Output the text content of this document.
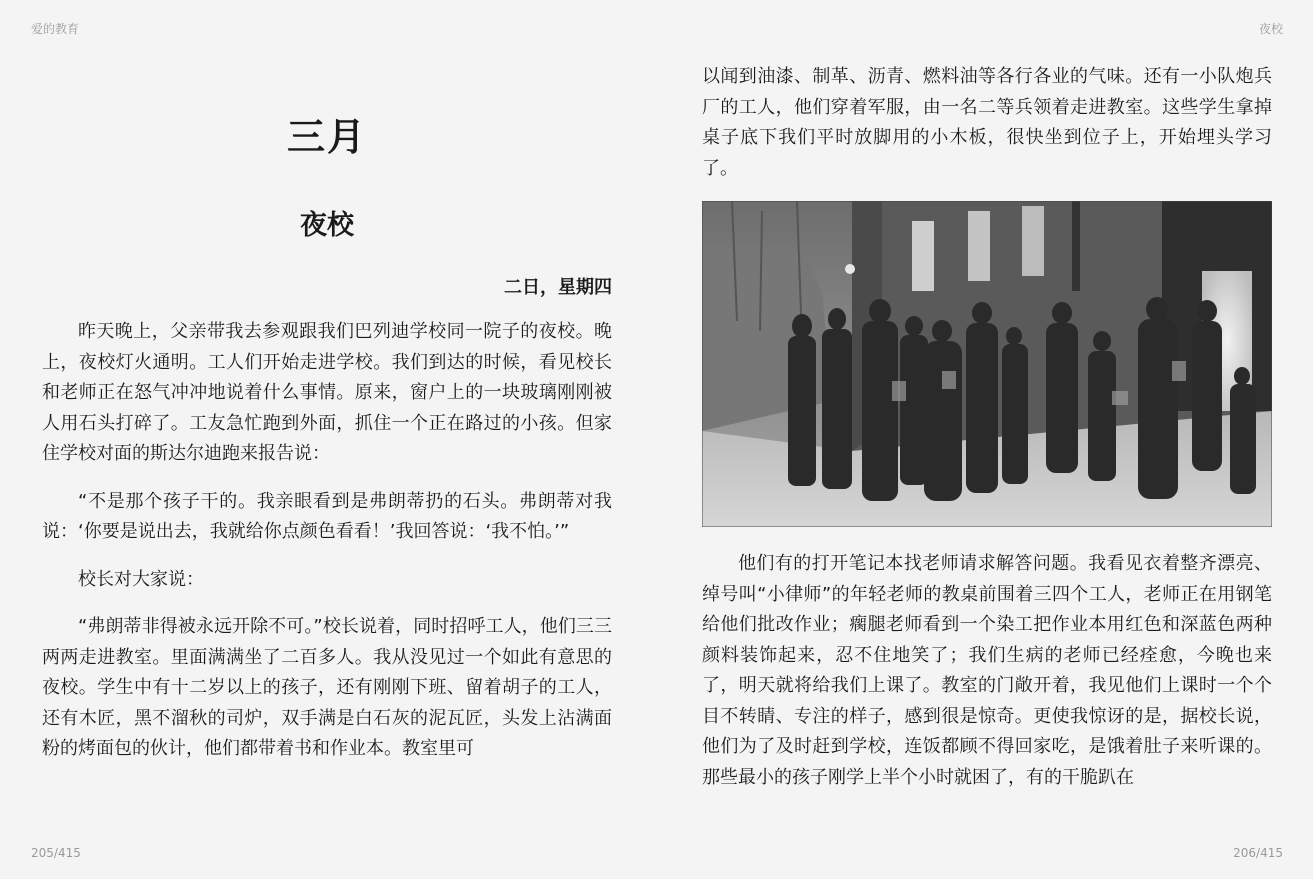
爱的教育	夜校
三月
夜校
二日，星期四

昨天晚上，父亲带我去参观跟我们巴列迪学校同一院子的夜校。晚上，夜校灯火通明。工人们开始走进学校。我们到达的时候，看见校长和老师正在怒气冲冲地说着什么事情。原来，窗户上的一块玻璃刚刚被人用石头打碎了。工友急忙跑到外面，抓住一个正在路过的小孩。但家住学校对面的斯达尔迪跑来报告说：

“不是那个孩子干的。我亲眼看到是弗朗蒂扔的石头。弗朗蒂对我说：‘你要是说出去，我就给你点颜色看看！’我回答说：‘我不怕。’”

校长对大家说：

“弗朗蒂非得被永远开除不可。”校长说着，同时招呼工人，他们三三两两走进教室。里面满满坐了二百多人。我从没见过一个如此有意思的夜校。学生中有十二岁以上的孩子，还有刚刚下班、留着胡子的工人，还有木匠，黑不溜秋的司炉，双手满是白石灰的泥瓦匠，头发上沾满面粉的烤面包的伙计，他们都带着书和作业本。教室里可

以闻到油漆、制革、沥青、燃料油等各行各业的气味。还有一小队炮兵厂的工人，他们穿着军服，由一名二等兵领着走进教室。这些学生拿掉桌子底下我们平时放脚用的小木板，很快坐到位子上，开始埋头学习了。

他们有的打开笔记本找老师请求解答问题。我看见衣着整齐漂亮、绰号叫“小律师”的年轻老师的教桌前围着三四个工人，老师正在用钢笔给他们批改作业；瘸腿老师看到一个染工把作业本用红色和深蓝色两种颜料装饰起来，忍不住地笑了；我们生病的老师已经痊愈，今晚也来了，明天就将给我们上课了。教室的门敞开着，我见他们上课时一个个目不转睛、专注的样子，感到很是惊奇。更使我惊讶的是，据校长说，他们为了及时赶到学校，连饭都顾不得回家吃，是饿着肚子来听课的。那些最小的孩子刚学上半个小时就困了，有的干脆趴在

205/415	206/415
